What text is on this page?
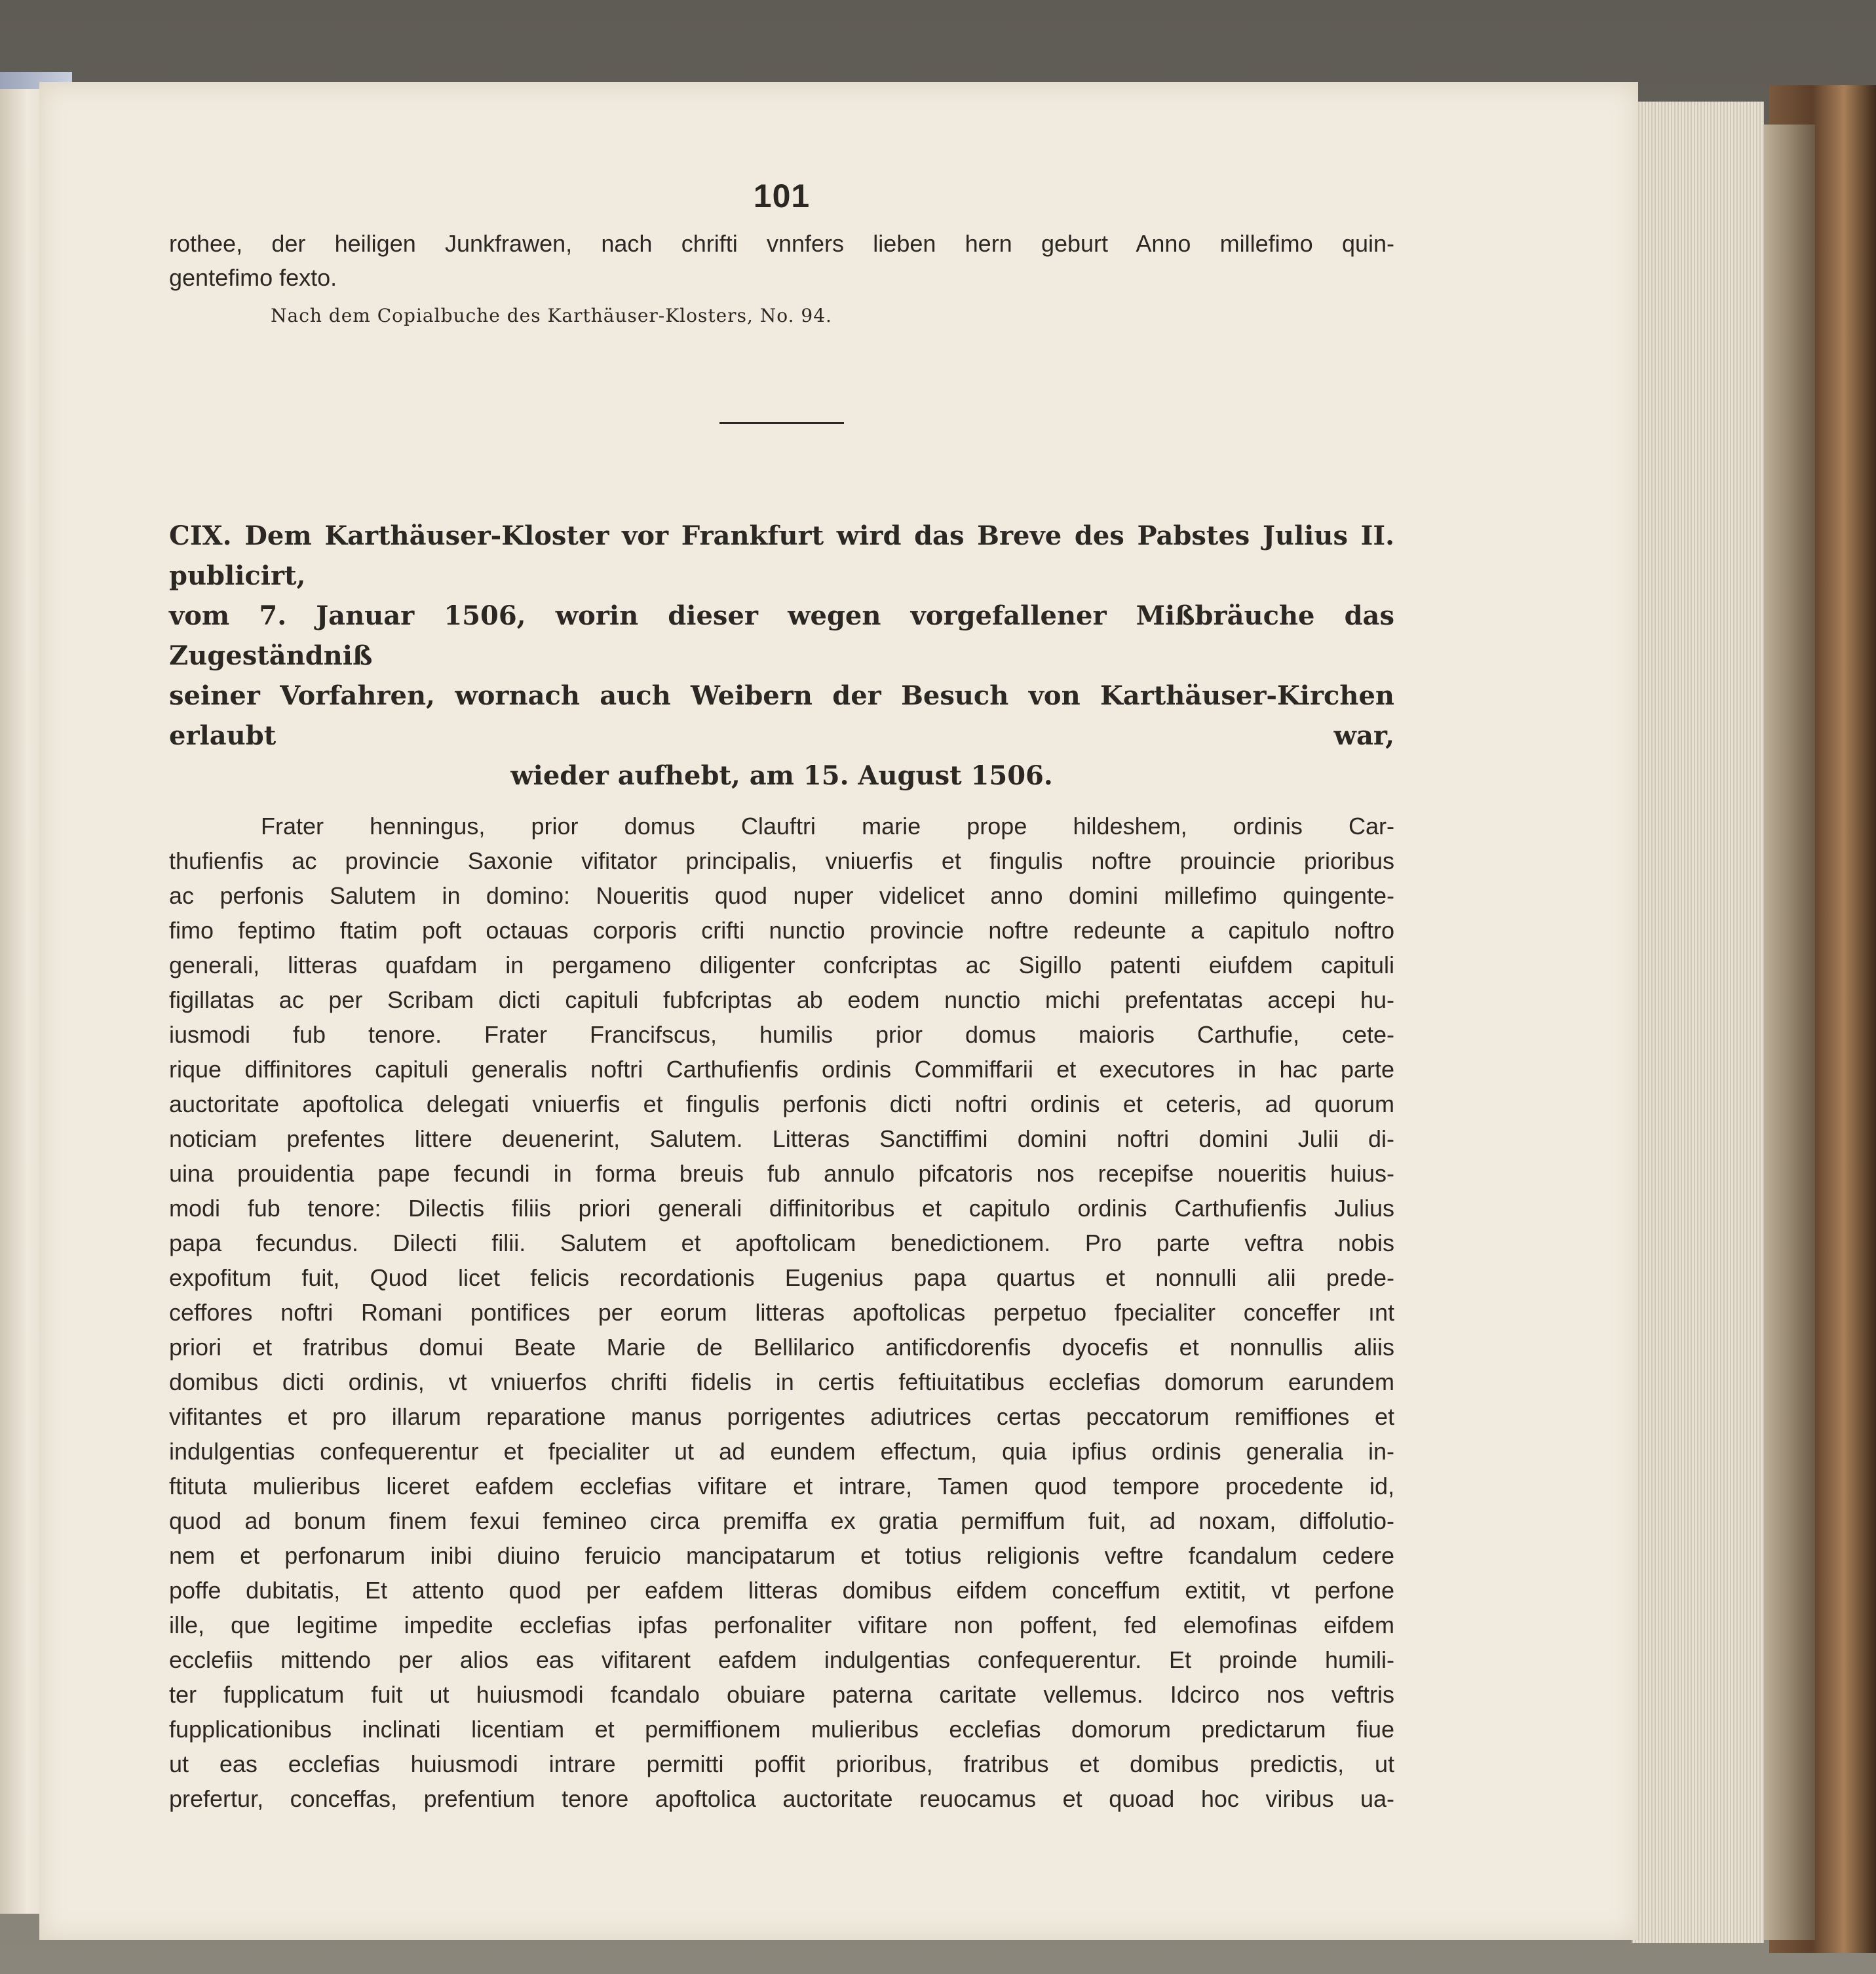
101
rothee, der heiligen Junkfrawen, nach chrifti vnnfers lieben hern geburt Anno millefimo quin-
gentefimo fexto.
Nach dem Copialbuche des Karthäuser-Klosters, No. 94.
CIX. Dem Karthäuser-Kloster vor Frankfurt wird das Breve des Pabstes Julius II. publicirt,
vom 7. Januar 1506, worin dieser wegen vorgefallener Mißbräuche das Zugeständniß
seiner Vorfahren, wornach auch Weibern der Besuch von Karthäuser-Kirchen erlaubt war,
wieder aufhebt, am 15. August 1506.

Frater henningus, prior domus Clauftri marie prope hildeshem, ordinis Car-

thufienfis ac provincie Saxonie vifitator principalis, vniuerfis et fingulis noftre prouincie prioribus

ac perfonis Salutem in domino: Noueritis quod nuper videlicet anno domini millefimo quingente-

fimo feptimo ftatim poft octauas corporis crifti nunctio provincie noftre redeunte a capitulo noftro

generali, litteras quafdam in pergameno diligenter confcriptas ac Sigillo patenti eiufdem capituli

figillatas ac per Scribam dicti capituli fubfcriptas ab eodem nunctio michi prefentatas accepi hu-

iusmodi fub tenore. Frater Francifscus, humilis prior domus maioris Carthufie, cete-

rique diffinitores capituli generalis noftri Carthufienfis ordinis Commiffarii et executores in hac parte

auctoritate apoftolica delegati vniuerfis et fingulis perfonis dicti noftri ordinis et ceteris, ad quorum

noticiam prefentes littere deuenerint, Salutem. Litteras Sanctiffimi domini noftri domini Julii di-

uina prouidentia pape fecundi in forma breuis fub annulo pifcatoris nos recepifse noueritis huius-

modi fub tenore: Dilectis filiis priori generali diffinitoribus et capitulo ordinis Carthufienfis Julius

papa fecundus. Dilecti filii. Salutem et apoftolicam benedictionem. Pro parte veftra nobis

expofitum fuit, Quod licet felicis recordationis Eugenius papa quartus et nonnulli alii prede-

ceffores noftri Romani pontifices per eorum litteras apoftolicas perpetuo fpecialiter conceffer ınt

priori et fratribus domui Beate Marie de Bellilarico antificdorenfis dyocefis et nonnullis aliis

domibus dicti ordinis, vt vniuerfos chrifti fidelis in certis feftiuitatibus ecclefias domorum earundem

vifitantes et pro illarum reparatione manus porrigentes adiutrices certas peccatorum remiffiones et

indulgentias confequerentur et fpecialiter ut ad eundem effectum, quia ipfius ordinis generalia in-

ftituta mulieribus liceret eafdem ecclefias vifitare et intrare, Tamen quod tempore procedente id,

quod ad bonum finem fexui femineo circa premiffa ex gratia permiffum fuit, ad noxam, diffolutio-

nem et perfonarum inibi diuino feruicio mancipatarum et totius religionis veftre fcandalum cedere

poffe dubitatis, Et attento quod per eafdem litteras domibus eifdem conceffum extitit, vt perfone

ille, que legitime impedite ecclefias ipfas perfonaliter vifitare non poffent, fed elemofinas eifdem

ecclefiis mittendo per alios eas vifitarent eafdem indulgentias confequerentur. Et proinde humili-

ter fupplicatum fuit ut huiusmodi fcandalo obuiare paterna caritate vellemus. Idcirco nos veftris

fupplicationibus inclinati licentiam et permiffionem mulieribus ecclefias domorum predictarum fiue

ut eas ecclefias huiusmodi intrare permitti poffit prioribus, fratribus et domibus predictis, ut

prefertur, conceffas, prefentium tenore apoftolica auctoritate reuocamus et quoad hoc viribus ua-
